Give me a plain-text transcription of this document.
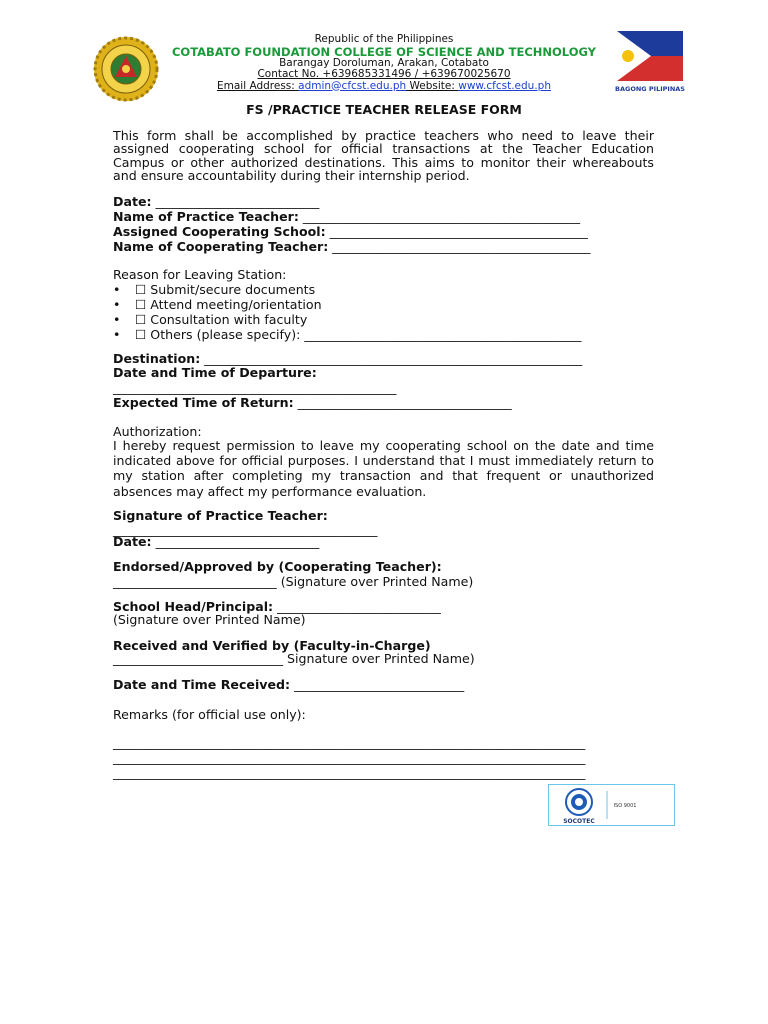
Republic of the Philippines

COTABATO FOUNDATION COLLEGE OF SCIENCE AND TECHNOLOGY

Barangay Doroluman, Arakan, Cotabato

Contact No. +639685331496 / +639670025670

Email Address: admin@cfcst.edu.ph Website: www.cfcst.edu.ph	BAGONG PILIPINAS
FS /PRACTICE TEACHER RELEASE FORM

This form shall be accomplished by practice teachers who need to leave their assigned cooperating school for official transactions at the Teacher Education Campus or other authorized destinations. This aims to monitor their whereabouts and ensure accountability during their internship period.

Date: __________________________

Name of Practice Teacher: ____________________________________________

Assigned Cooperating School: _________________________________________

Name of Cooperating Teacher: _________________________________________

Reason for Leaving Station:

• ☐ Submit/secure documents
• ☐ Attend meeting/orientation
• ☐ Consultation with faculty
• ☐ Others (please specify): ____________________________________________

Destination: ____________________________________________________________

Date and Time of Departure:

_____________________________________________

Expected Time of Return: __________________________________

Authorization:

I hereby request permission to leave my cooperating school on the date and time indicated above for official purposes. I understand that I must immediately return to my station after completing my transaction and that frequent or unauthorized absences may affect my performance evaluation.

Signature of Practice Teacher:

__________________________________________

Date: __________________________

Endorsed/Approved by (Cooperating Teacher):

__________________________ (Signature over Printed Name)

School Head/Principal: __________________________

(Signature over Printed Name)

Received and Verified by (Faculty-in-Charge)

___________________________ Signature over Printed Name)

Date and Time Received: ___________________________

Remarks (for official use only):

___________________________________________________________________________

___________________________________________________________________________

___________________________________________________________________________

SOCOTEC
ISO 9001
